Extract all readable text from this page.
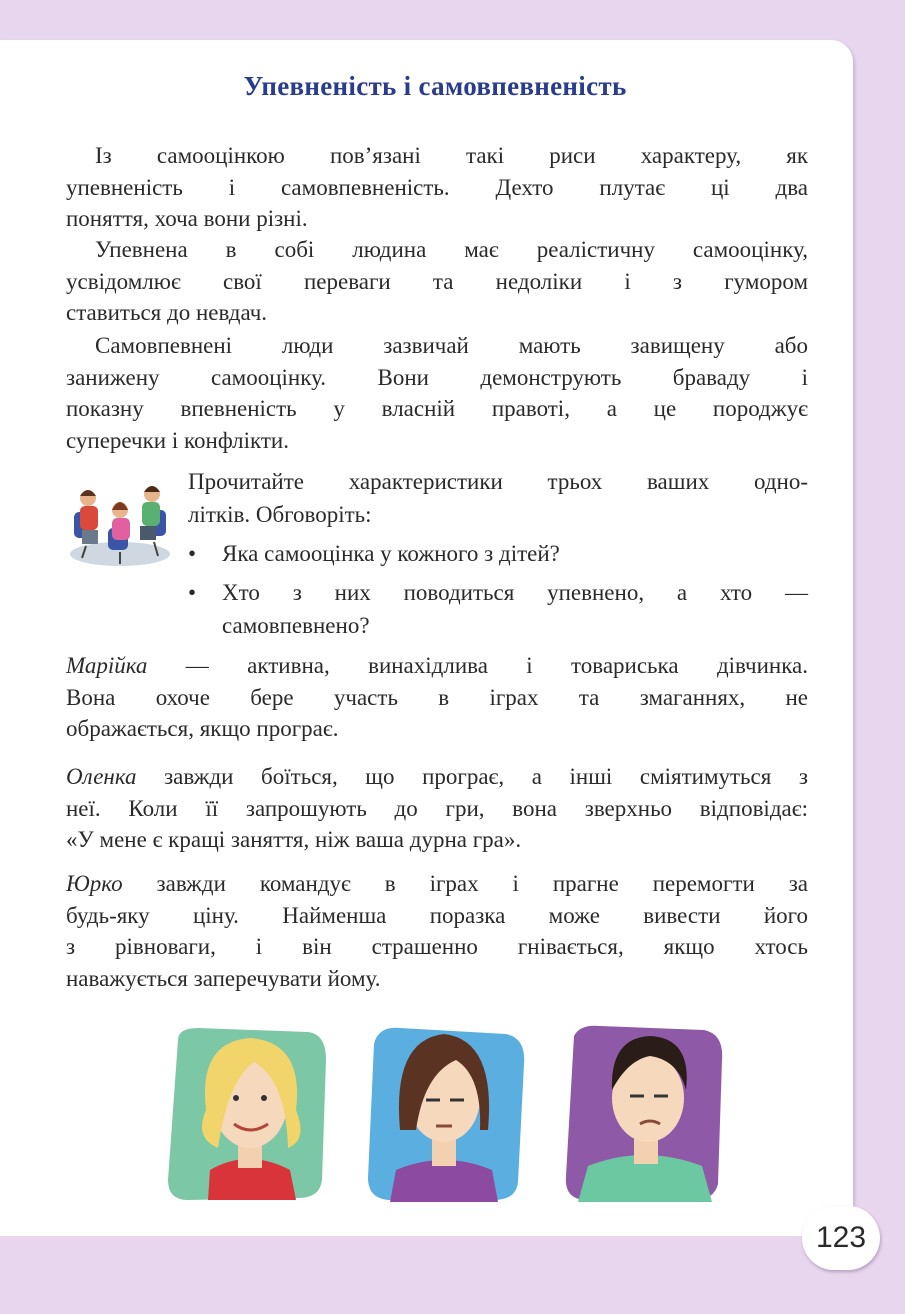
Упевненість і самовпевненість
Із самооцінкою пов’язані такі риси характеру, як
упевненість і самовпевненість. Дехто плутає ці два
поняття, хоча вони різні.
Упевнена в собі людина має реалістичну самооцінку,
усвідомлює свої переваги та недоліки і з гумором
ставиться до невдач.
Самовпевнені люди зазвичай мають завищену або
занижену самооцінку. Вони демонструють браваду і
показну впевненість у власній правоті, а це породжує
суперечки і конфлікти.
Прочитайте характеристики трьох ваших одно-
літків. Обговоріть:
• Яка самооцінка у кожного з дітей?
• Хто з них поводиться упевнено, а хто —
самовпевнено?
Марійка — активна, винахідлива і товариська дівчинка.
Вона охоче бере участь в іграх та змаганнях, не
ображається, якщо програє.
Оленка завжди боїться, що програє, а інші сміятимуться з
неї. Коли її запрошують до гри, вона зверхньо відповідає:
«У мене є кращі заняття, ніж ваша дурна гра».
Юрко завжди командує в іграх і прагне перемогти за
будь-яку ціну. Найменша поразка може вивести його
з рівноваги, і він страшенно гнівається, якщо хтось
наважується заперечувати йому.
123
